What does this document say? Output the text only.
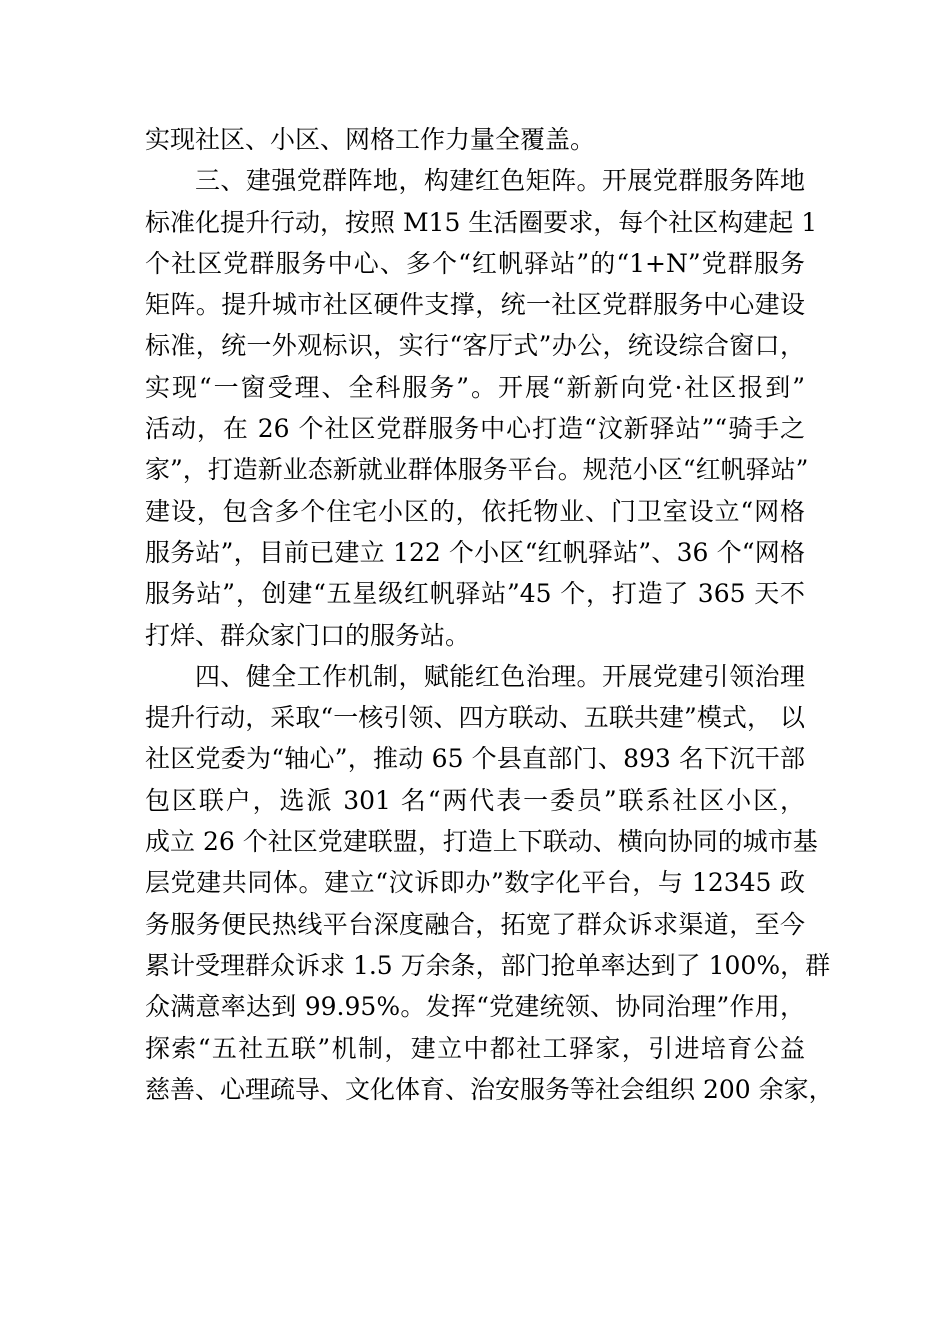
实现社区、小区、网格工作力量全覆盖。
三、建强党群阵地，构建红色矩阵。开展党群服务阵地
标准化提升行动，按照 M15 生活圈要求，每个社区构建起 1
个社区党群服务中心、多个“红帆驿站”的“1+N”党群服务
矩阵。提升城市社区硬件支撑，统一社区党群服务中心建设
标准，统一外观标识，实行“客厅式”办公，统设综合窗口，
实现“一窗受理、全科服务”。开展“新新向党·社区报到”
活动，在 26 个社区党群服务中心打造“汶新驿站”“骑手之
家”，打造新业态新就业群体服务平台。规范小区“红帆驿站”
建设，包含多个住宅小区的，依托物业、门卫室设立“网格
服务站”，目前已建立 122 个小区“红帆驿站”、36 个“网格
服务站”，创建“五星级红帆驿站”45 个，打造了 365 天不
打烊、群众家门口的服务站。
四、健全工作机制，赋能红色治理。开展党建引领治理
提升行动，采取“一核引领、四方联动、五联共建”模式， 以
社区党委为“轴心”，推动 65 个县直部门、893 名下沉干部
包区联户，选派 301 名“两代表一委员”联系社区小区，
成立 26 个社区党建联盟，打造上下联动、横向协同的城市基
层党建共同体。建立“汶诉即办”数字化平台，与 12345 政
务服务便民热线平台深度融合，拓宽了群众诉求渠道，至今
累计受理群众诉求 1.5 万余条，部门抢单率达到了 100%，群
众满意率达到 99.95%。发挥“党建统领、协同治理”作用，
探索“五社五联”机制，建立中都社工驿家，引进培育公益
慈善、心理疏导、文化体育、治安服务等社会组织 200 余家，
